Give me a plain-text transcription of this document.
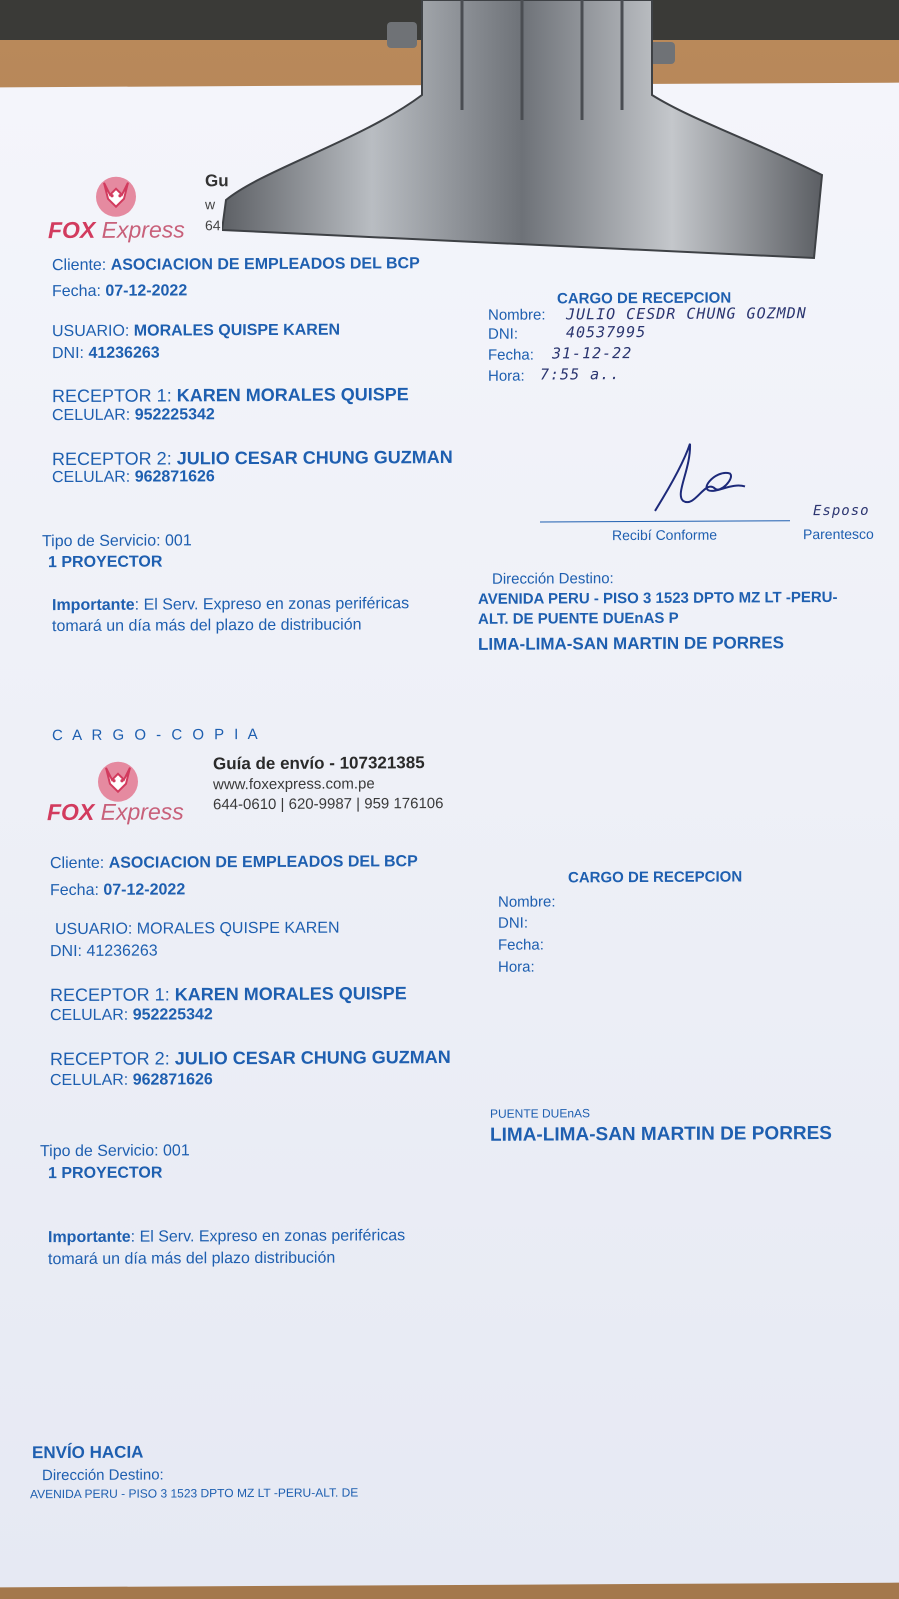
FOX Express
Gu
w
64
Cliente: ASOCIACION DE EMPLEADOS DEL BCP
Fecha: 07-12-2022
USUARIO: MORALES QUISPE KAREN
DNI: 41236263
RECEPTOR 1: KAREN MORALES QUISPE
CELULAR: 952225342
RECEPTOR 2: JULIO CESAR CHUNG GUZMAN
CELULAR: 962871626
Tipo de Servicio: 001
1 PROYECTOR
Importante: El Serv. Expreso en zonas periféricas
tomará un día más del plazo de distribución
CARGO DE RECEPCION
Nombre: JULIO CESDR CHUNG GOZMDN
DNI:	40537995
Fecha: 31-12-22
Hora: 7:55 a..
Recibí Conforme
Esposo
Parentesco
Dirección Destino:
AVENIDA PERU - PISO 3 1523 DPTO MZ LT -PERU-
ALT. DE PUENTE DUEnAS P
LIMA-LIMA-SAN MARTIN DE PORRES
C A R G O - C O P I A
FOX Express
Guía de envío - 107321385
www.foxexpress.com.pe
644-0610 | 620-9987 | 959 176106
Cliente: ASOCIACION DE EMPLEADOS DEL BCP
Fecha: 07-12-2022
USUARIO: MORALES QUISPE KAREN
DNI: 41236263
RECEPTOR 1: KAREN MORALES QUISPE
CELULAR: 952225342
RECEPTOR 2: JULIO CESAR CHUNG GUZMAN
CELULAR: 962871626
Tipo de Servicio: 001
1 PROYECTOR
Importante: El Serv. Expreso en zonas periféricas
tomará un día más del plazo distribución
CARGO DE RECEPCION
Nombre:
DNI:
Fecha:
Hora:
PUENTE DUEnAS
LIMA-LIMA-SAN MARTIN DE PORRES
ENVÍO HACIA
Dirección Destino:
AVENIDA PERU - PISO 3 1523 DPTO MZ LT -PERU-ALT. DE
